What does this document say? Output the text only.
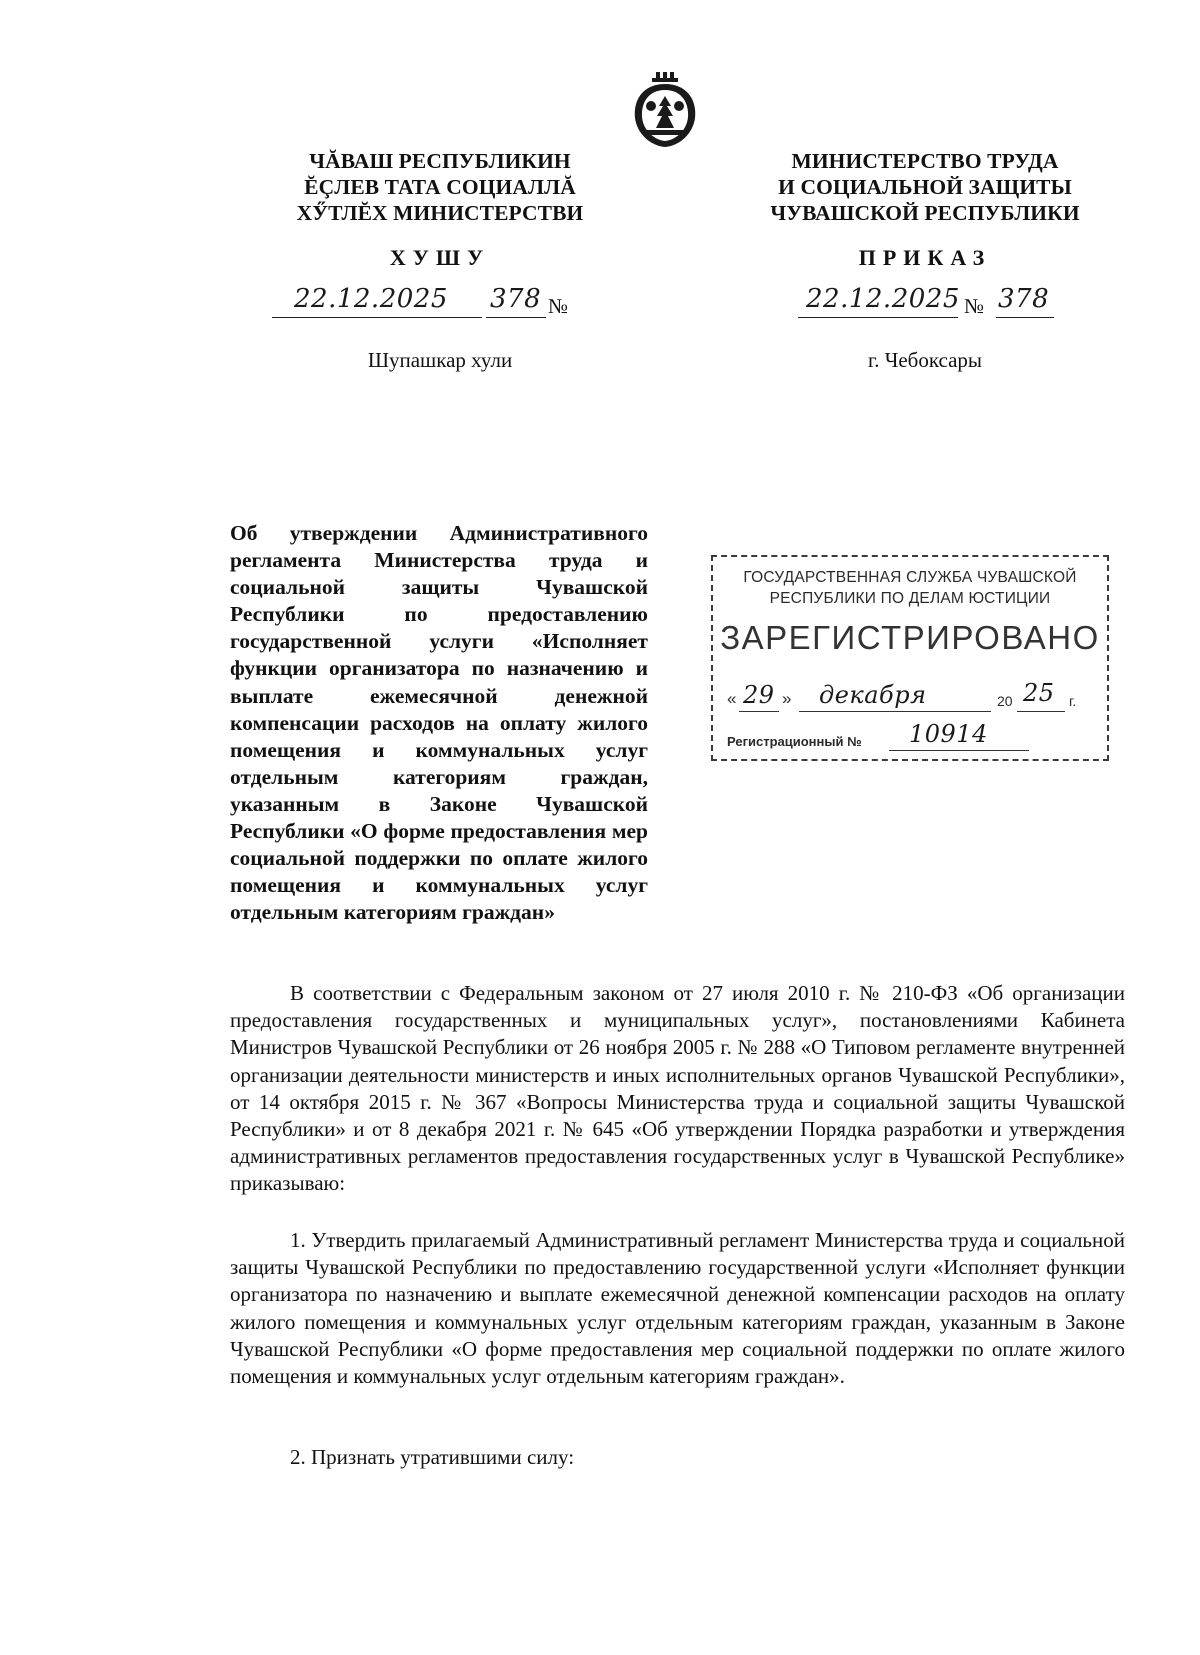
ЧĂВАШ РЕСПУБЛИКИН
ĔÇЛЕВ ТАТА СОЦИАЛЛĂ
ХӲТЛĔХ МИНИСТЕРСТВИ
МИНИСТЕРСТВО ТРУДА
И СОЦИАЛЬНОЙ ЗАЩИТЫ
ЧУВАШСКОЙ РЕСПУБЛИКИ
ХУШУ	ПРИКАЗ
22.12.2025 378 №	22.12.2025 № 378
Шупашкар хули	г. Чебоксары
Об утверждении Административного регламента Министерства труда и социальной защиты Чувашской Республики по предоставлению государственной услуги «Исполняет функции организатора по назначению и выплате ежемесячной денежной компенсации расходов на оплату жилого помещения и коммунальных услуг отдельным категориям граждан, указанным в Законе Чувашской Республики «О форме предоставления мер социальной поддержки по оплате жилого помещения и коммунальных услуг отдельным категориям граждан»
ГОСУДАРСТВЕННАЯ СЛУЖБА ЧУВАШСКОЙ
РЕСПУБЛИКИ ПО ДЕЛАМ ЮСТИЦИИ
ЗАРЕГИСТРИРОВАНО
« 29 » декабря	20 25 г.
Регистрационный № 10914

В соответствии с Федеральным законом от 27 июля 2010 г. № 210-ФЗ «Об организации предоставления государственных и муниципальных услуг», постановлениями Кабинета Министров Чувашской Республики от 26 ноября 2005 г. № 288 «О Типовом регламенте внутренней организации деятельности министерств и иных исполнительных органов Чувашской Республики», от 14 октября 2015 г. № 367 «Вопросы Министерства труда и социальной защиты Чувашской Республики» и от 8 декабря 2021 г. № 645 «Об утверждении Порядка разработки и утверждения административных регламентов предоставления государственных услуг в Чувашской Республике» приказываю:

1. Утвердить прилагаемый Административный регламент Министерства труда и социальной защиты Чувашской Республики по предоставлению государственной услуги «Исполняет функции организатора по назначению и выплате ежемесячной денежной компенсации расходов на оплату жилого помещения и коммунальных услуг отдельным категориям граждан, указанным в Законе Чувашской Республики «О форме предоставления мер социальной поддержки по оплате жилого помещения и коммунальных услуг отдельным категориям граждан».

2. Признать утратившими силу:
